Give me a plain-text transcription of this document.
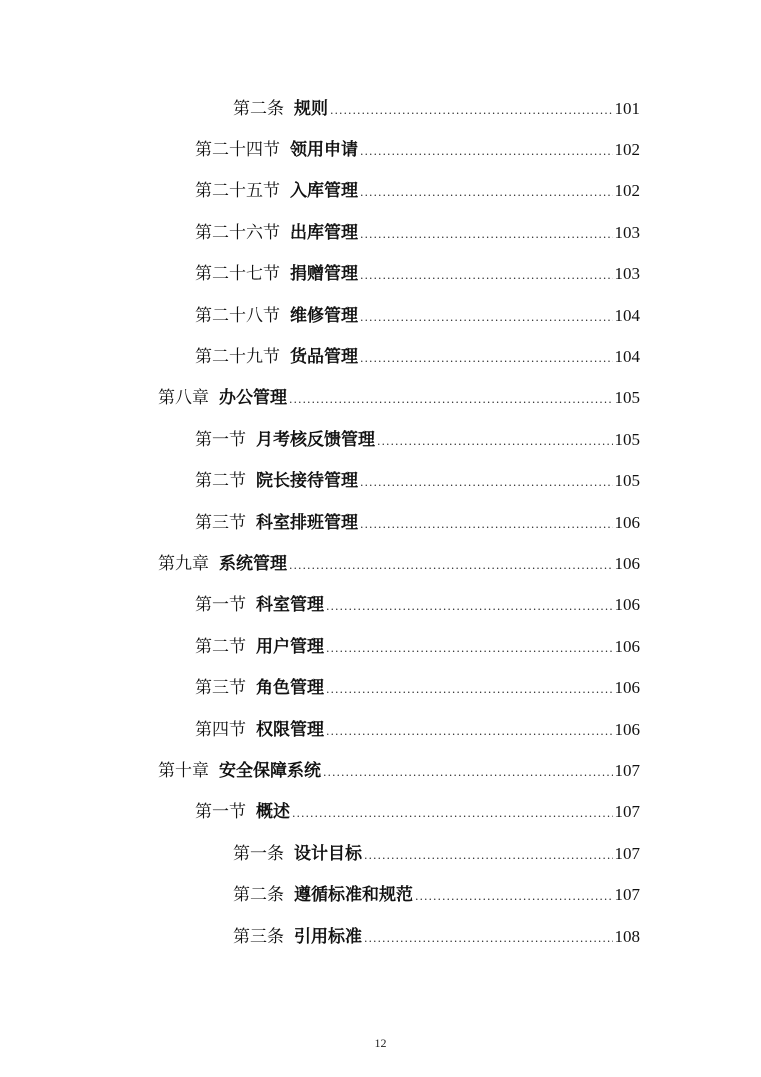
第二条 规则 .....	101
第二十四节 领用申请 .....	102
第二十五节 入库管理 .....	102
第二十六节 出库管理 .....	103
第二十七节 捐赠管理 .....	103
第二十八节 维修管理 .....	104
第二十九节 货品管理 .....	104
第八章 办公管理 .....	105
第一节 月考核反馈管理 .....	105
第二节 院长接待管理 .....	105
第三节 科室排班管理 .....	106
第九章 系统管理 .....	106
第一节 科室管理 .....	106
第二节 用户管理 .....	106
第三节 角色管理 .....	106
第四节 权限管理 .....	106
第十章 安全保障系统 .....	107
第一节 概述 .....	107
第一条 设计目标 .....	107
第二条 遵循标准和规范 .....	107
第三条 引用标准 .....	108
12
